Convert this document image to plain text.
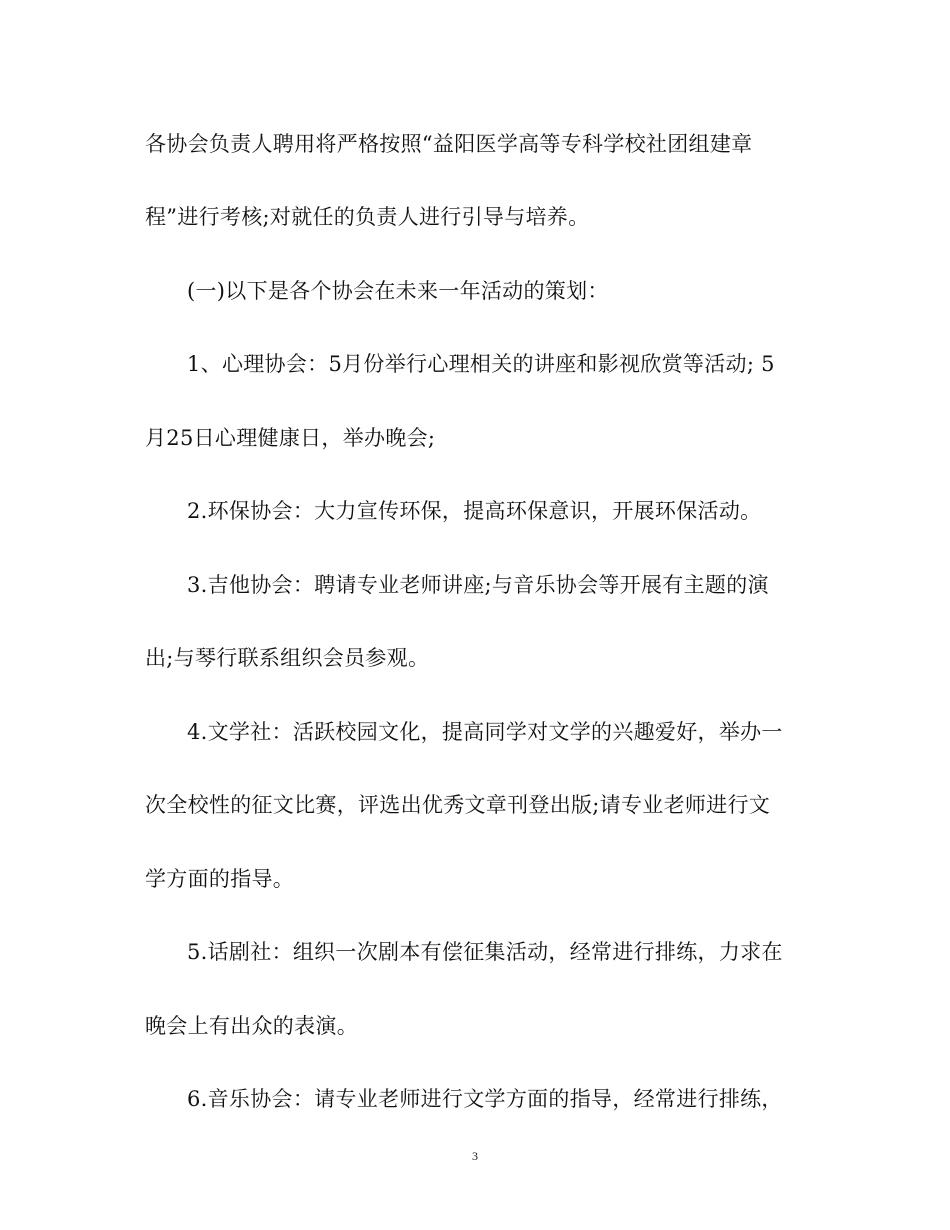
各协会负责人聘用将严格按照“益阳医学高等专科学校社团组建章
程”进行考核;对就任的负责人进行引导与培养。
(一)以下是各个协会在未来一年活动的策划：
1、心理协会：5月份举行心理相关的讲座和影视欣赏等活动; 5
月25日心理健康日，举办晚会;
2.环保协会：大力宣传环保，提高环保意识，开展环保活动。
3.吉他协会：聘请专业老师讲座;与音乐协会等开展有主题的演
出;与琴行联系组织会员参观。
4.文学社：活跃校园文化，提高同学对文学的兴趣爱好，举办一
次全校性的征文比赛，评选出优秀文章刊登出版;请专业老师进行文
学方面的指导。
5.话剧社：组织一次剧本有偿征集活动，经常进行排练，力求在
晚会上有出众的表演。
6.音乐协会：请专业老师进行文学方面的指导，经常进行排练，
3
